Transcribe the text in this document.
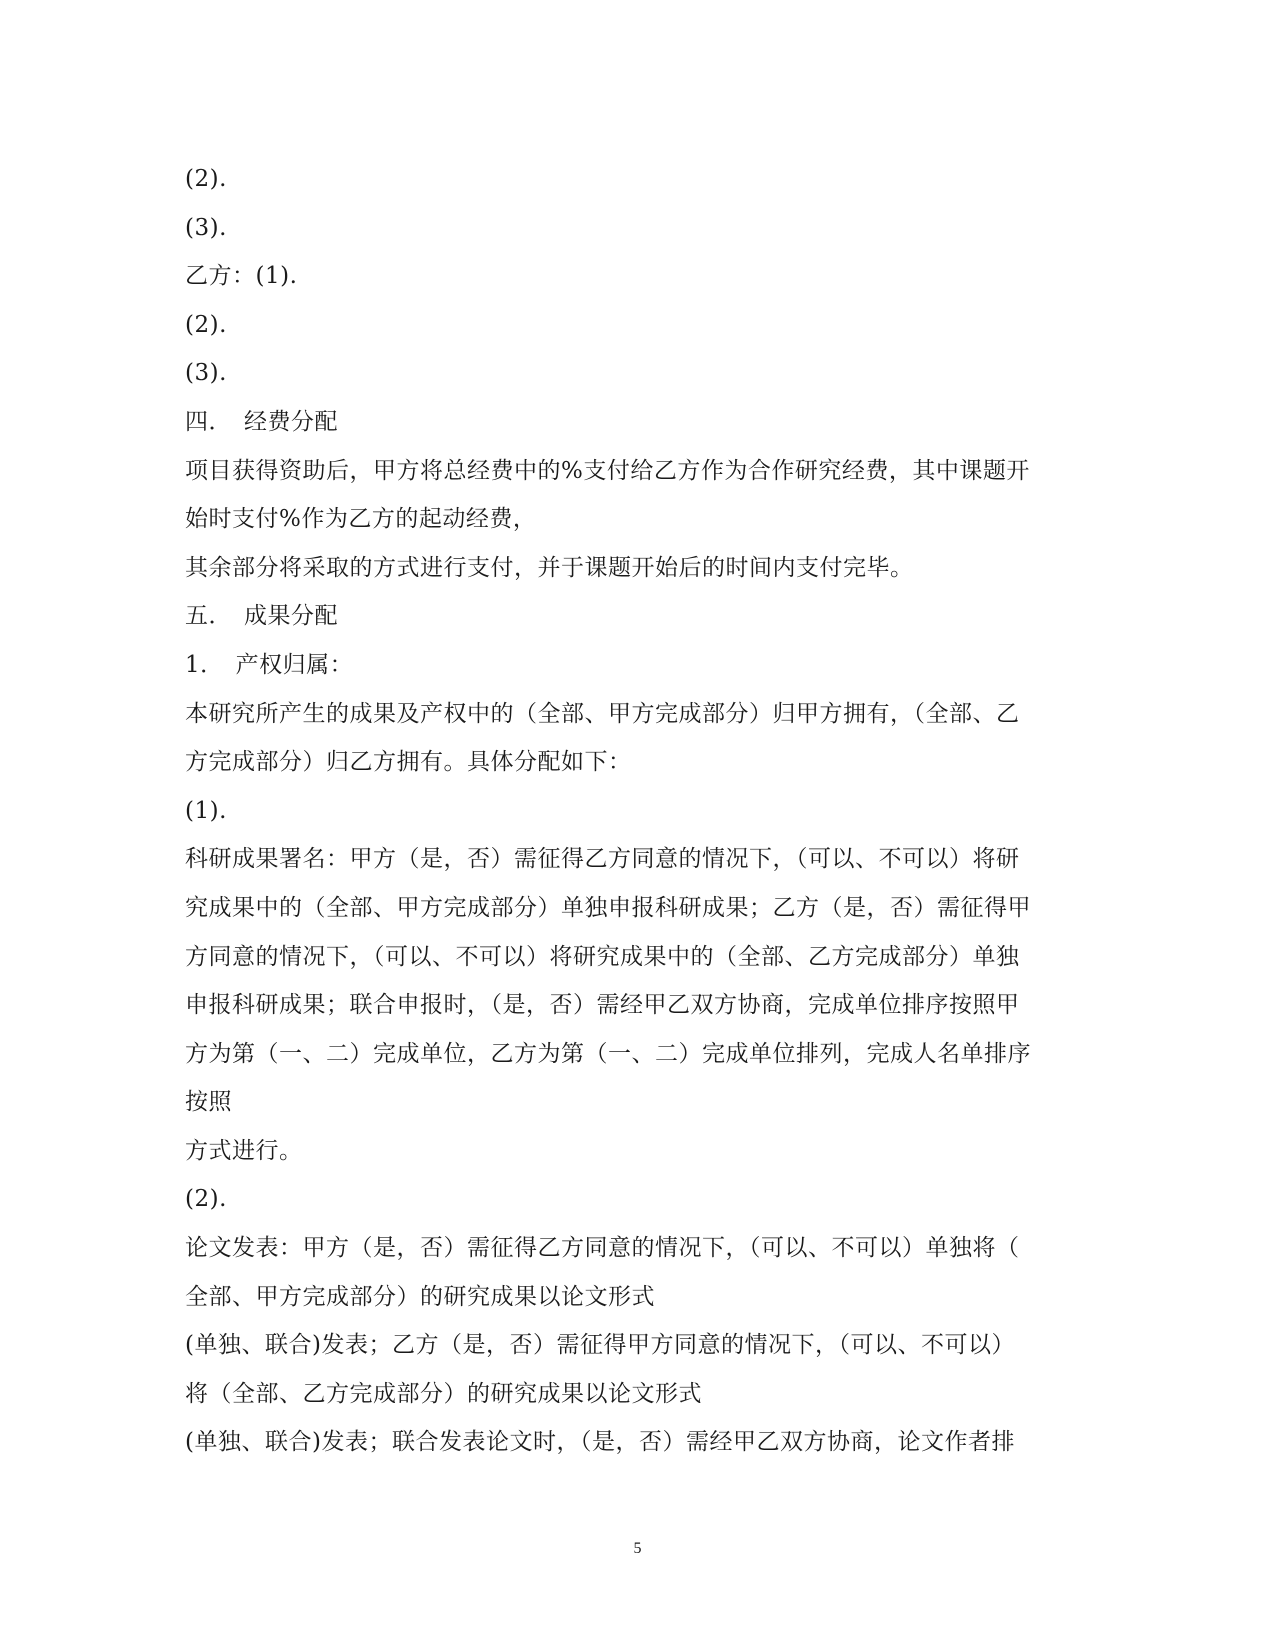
(2).
(3).
乙方：(1).
(2).
(3).
四．　经费分配
项目获得资助后，甲方将总经费中的%支付给乙方作为合作研究经费，其中课题开
始时支付%作为乙方的起动经费，
其余部分将采取的方式进行支付，并于课题开始后的时间内支付完毕。
五．　成果分配
1．　产权归属：
本研究所产生的成果及产权中的（全部、甲方完成部分）归甲方拥有，（全部、乙
方完成部分）归乙方拥有。具体分配如下：
(1).
科研成果署名：甲方（是，否）需征得乙方同意的情况下，（可以、不可以）将研
究成果中的（全部、甲方完成部分）单独申报科研成果；乙方（是，否）需征得甲
方同意的情况下，（可以、不可以）将研究成果中的（全部、乙方完成部分）单独
申报科研成果；联合申报时，（是，否）需经甲乙双方协商，完成单位排序按照甲
方为第（一、二）完成单位，乙方为第（一、二）完成单位排列，完成人名单排序
按照
方式进行。
(2).
论文发表：甲方（是，否）需征得乙方同意的情况下，（可以、不可以）单独将（
全部、甲方完成部分）的研究成果以论文形式
(单独、联合)发表；乙方（是，否）需征得甲方同意的情况下，（可以、不可以）
将（全部、乙方完成部分）的研究成果以论文形式
(单独、联合)发表；联合发表论文时，（是，否）需经甲乙双方协商，论文作者排
5
